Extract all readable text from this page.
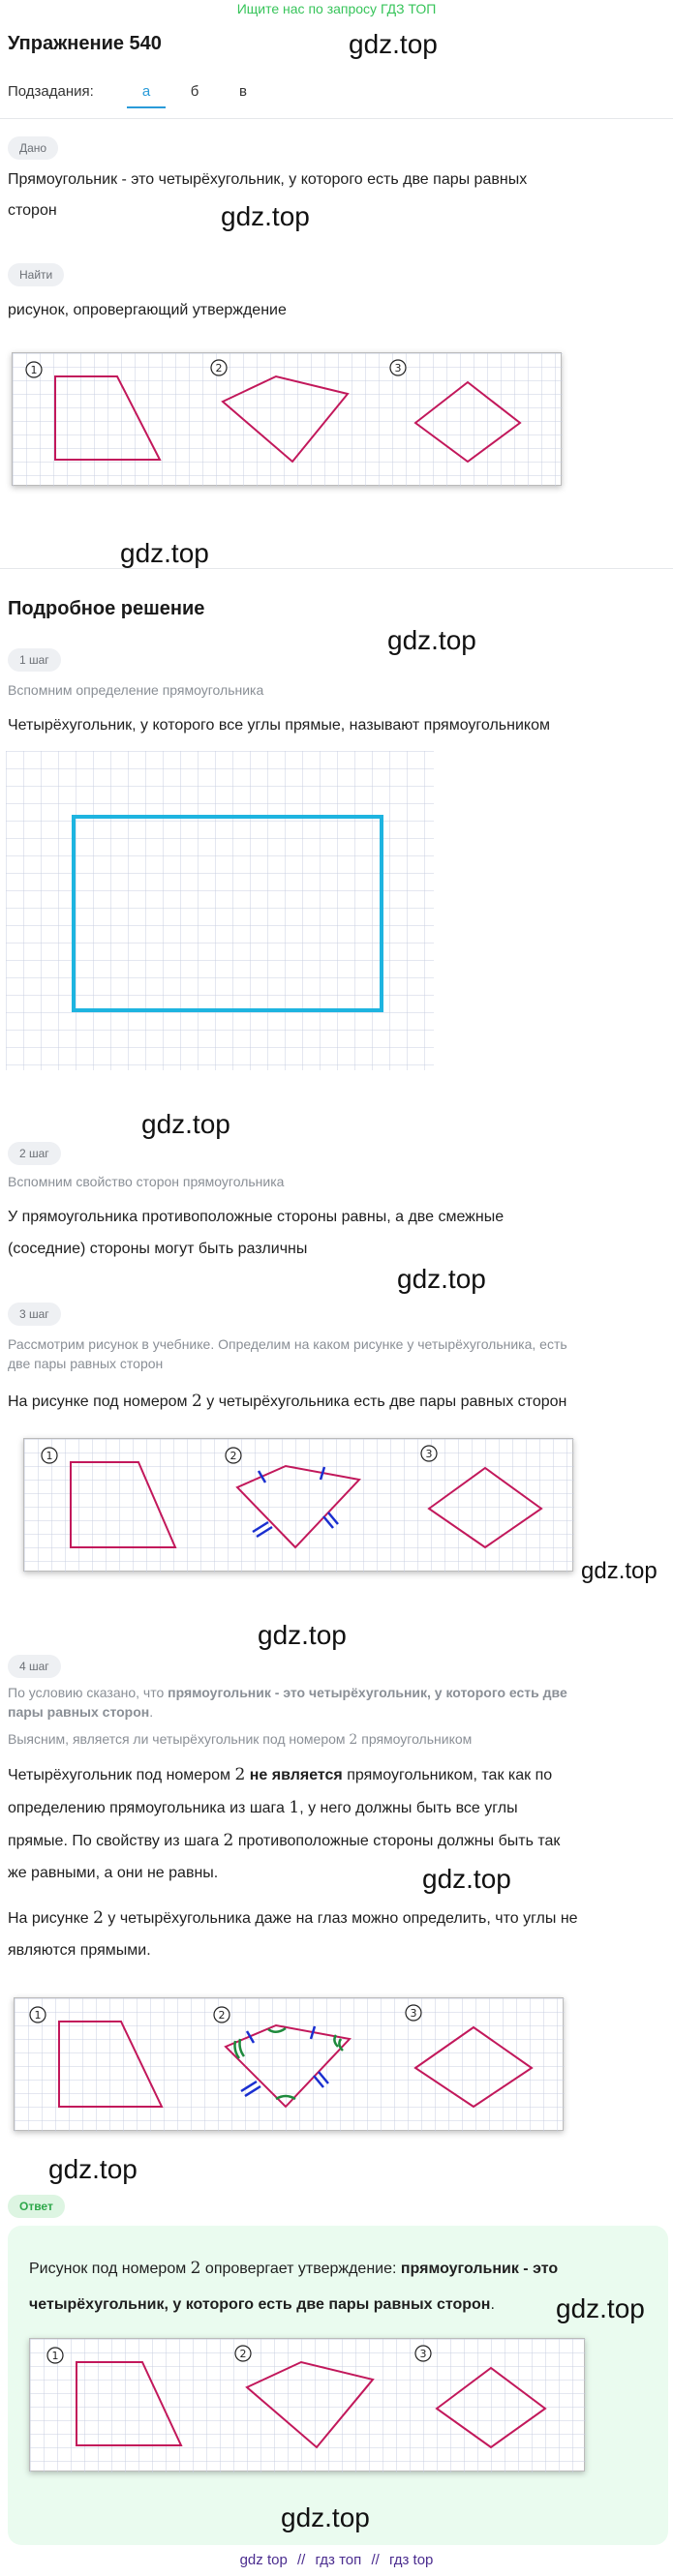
Ищите нас по запросу ГДЗ ТОП
Упражнение 540	gdz.top
Подзадания:	а	б	в
Дано
Прямоугольник - это четырёхугольник, у которого есть две пары равных
сторон	gdz.top
Найти
рисунок, опровергающий утверждение
1	2	3
gdz.top
Подробное решение
gdz.top
1 шаг
Вспомним определение прямоугольника
Четырёхугольник, у которого все углы прямые, называют прямоугольником
gdz.top
2 шаг
Вспомним свойство сторон прямоугольника
У прямоугольника противоположные стороны равны, а две смежные
(соседние) стороны могут быть различны
gdz.top
3 шаг
Рассмотрим рисунок в учебнике. Определим на каком рисунке у четырёхугольника, есть
две пары равных сторон
На рисунке под номером 2 у четырёхугольника есть две пары равных сторон
1	2	3
gdz.top
gdz.top
4 шаг
По условию сказано, что прямоугольник - это четырёхугольник, у которого есть две
пары равных сторон.
Выясним, является ли четырёхугольник под номером 2 прямоугольником
Четырёхугольник под номером 2 не является прямоугольником, так как по
определению прямоугольника из шага 1, у него должны быть все углы
прямые. По свойству из шага 2 противоположные стороны должны быть так
же равными, а они не равны.	gdz.top
На рисунке 2 у четырёхугольника даже на глаз можно определить, что углы не
являются прямыми.
1	2	3
gdz.top
Ответ
Рисунок под номером 2 опровергает утверждение: прямоугольник - это
четырёхугольник, у которого есть две пары равных сторон. gdz.top
1	2	3
gdz.top
gdz top // гдз топ // гдз top
